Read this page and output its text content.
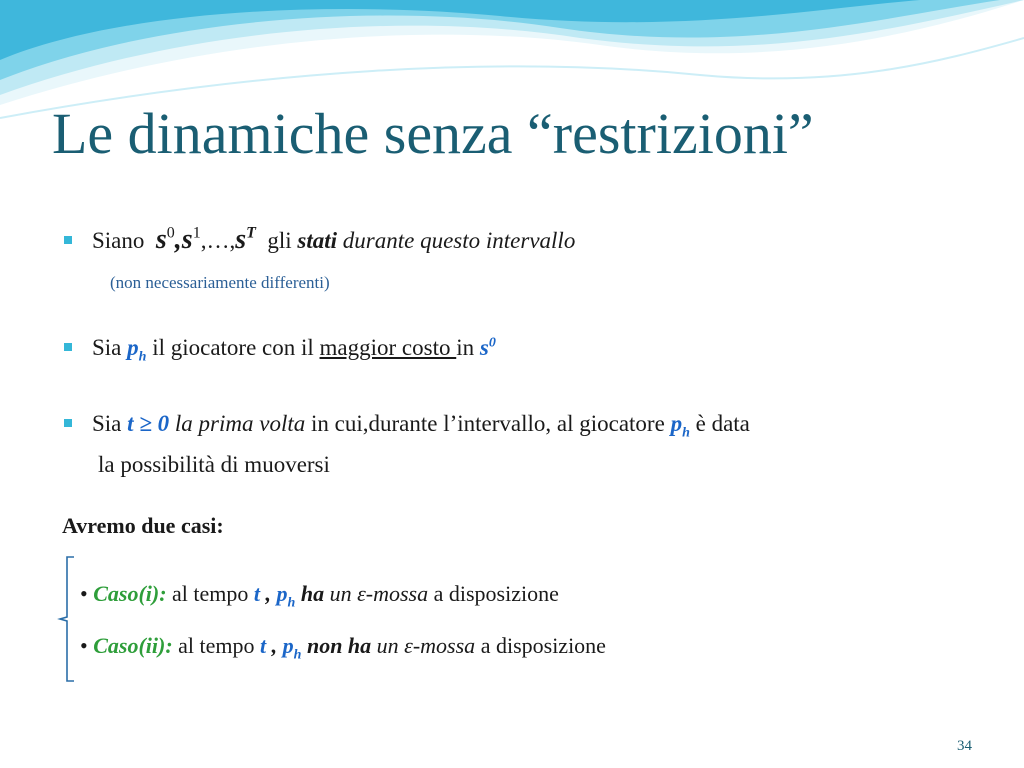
Le dinamiche senza “restrizioni”
Siano $s^0,s^1,\dots,s^T$ gli stati durante questo intervallo
(non necessariamente differenti)
Sia $p_h$ il giocatore con il maggior costo in $s^0$
Sia t ≥ 0 la prima volta in cui,durante l’intervallo, al giocatore $p_h$ è data
la possibilità di muoversi
Avremo due casi:
• Caso(i): al tempo t , $p_h$ ha un ε-mossa a disposizione
• Caso(ii): al tempo t , $p_h$ non ha un ε-mossa a disposizione
34
